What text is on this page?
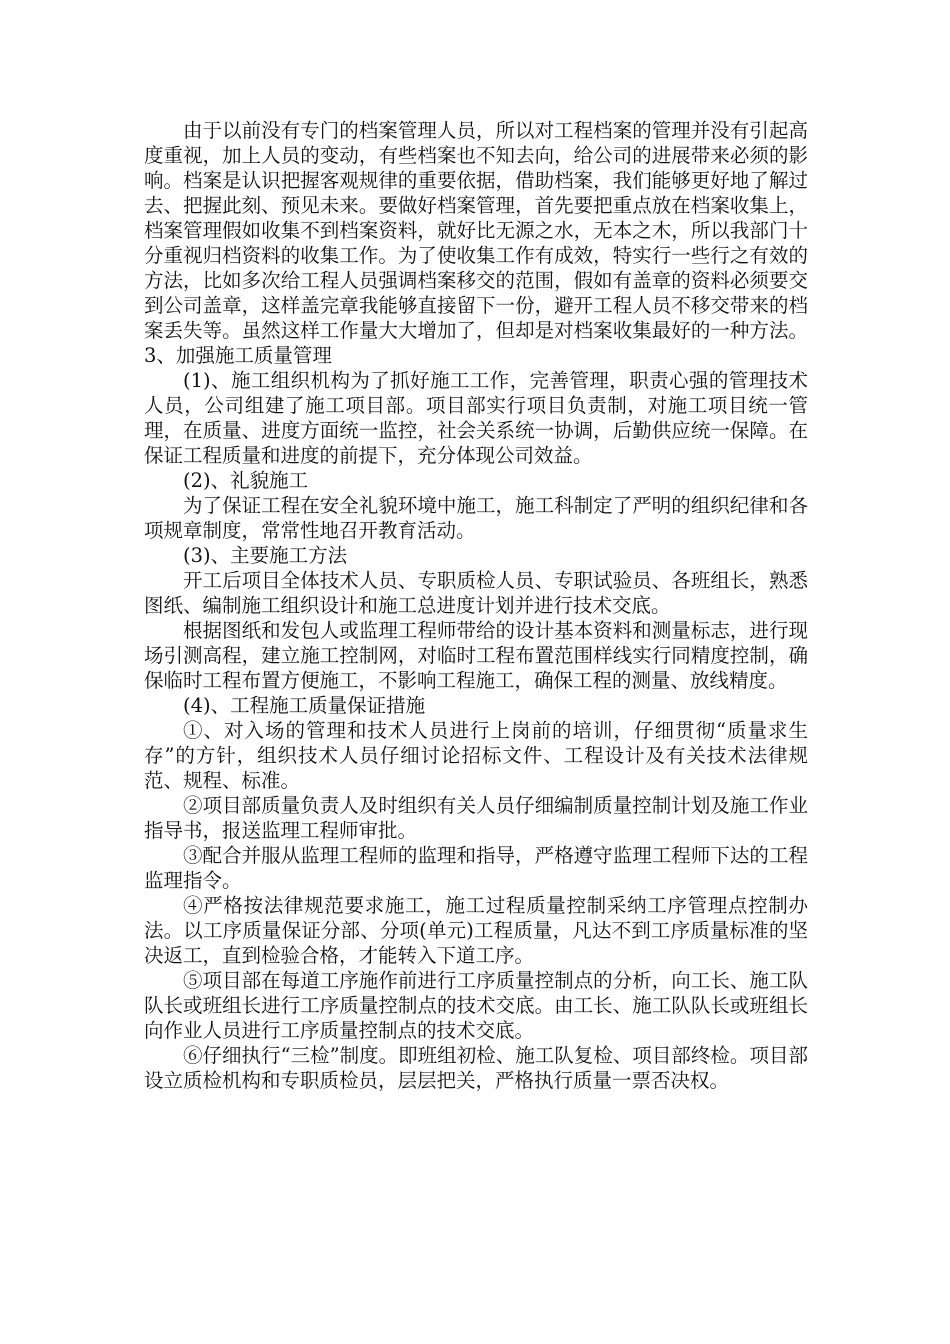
由于以前没有专门的档案管理人员，所以对工程档案的管理并没有引起高度重视，加上人员的变动，有些档案也不知去向，给公司的进展带来必须的影响。档案是认识把握客观规律的重要依据，借助档案，我们能够更好地了解过去、把握此刻、预见未来。要做好档案管理，首先要把重点放在档案收集上，档案管理假如收集不到档案资料，就好比无源之水，无本之木，所以我部门十分重视归档资料的收集工作。为了使收集工作有成效，特实行一些行之有效的方法，比如多次给工程人员强调档案移交的范围，假如有盖章的资料必须要交到公司盖章，这样盖完章我能够直接留下一份，避开工程人员不移交带来的档案丢失等。虽然这样工作量大大增加了，但却是对档案收集最好的一种方法。3、加强施工质量管理

(1)、施工组织机构为了抓好施工工作，完善管理，职责心强的管理技术人员，公司组建了施工项目部。项目部实行项目负责制，对施工项目统一管理，在质量、进度方面统一监控，社会关系统一协调，后勤供应统一保障。在保证工程质量和进度的前提下，充分体现公司效益。

(2)、礼貌施工

为了保证工程在安全礼貌环境中施工，施工科制定了严明的组织纪律和各项规章制度，常常性地召开教育活动。

(3)、主要施工方法

开工后项目全体技术人员、专职质检人员、专职试验员、各班组长，熟悉图纸、编制施工组织设计和施工总进度计划并进行技术交底。

根据图纸和发包人或监理工程师带给的设计基本资料和测量标志，进行现场引测高程，建立施工控制网，对临时工程布置范围样线实行同精度控制，确保临时工程布置方便施工，不影响工程施工，确保工程的测量、放线精度。

(4)、工程施工质量保证措施

①、对入场的管理和技术人员进行上岗前的培训，仔细贯彻“质量求生存”的方针，组织技术人员仔细讨论招标文件、工程设计及有关技术法律规范、规程、标准。

②项目部质量负责人及时组织有关人员仔细编制质量控制计划及施工作业指导书，报送监理工程师审批。

③配合并服从监理工程师的监理和指导，严格遵守监理工程师下达的工程监理指令。

④严格按法律规范要求施工，施工过程质量控制采纳工序管理点控制办法。以工序质量保证分部、分项(单元)工程质量，凡达不到工序质量标准的坚决返工，直到检验合格，才能转入下道工序。

⑤项目部在每道工序施作前进行工序质量控制点的分析，向工长、施工队队长或班组长进行工序质量控制点的技术交底。由工长、施工队队长或班组长向作业人员进行工序质量控制点的技术交底。

⑥仔细执行“三检”制度。即班组初检、施工队复检、项目部终检。项目部设立质检机构和专职质检员，层层把关，严格执行质量一票否决权。
